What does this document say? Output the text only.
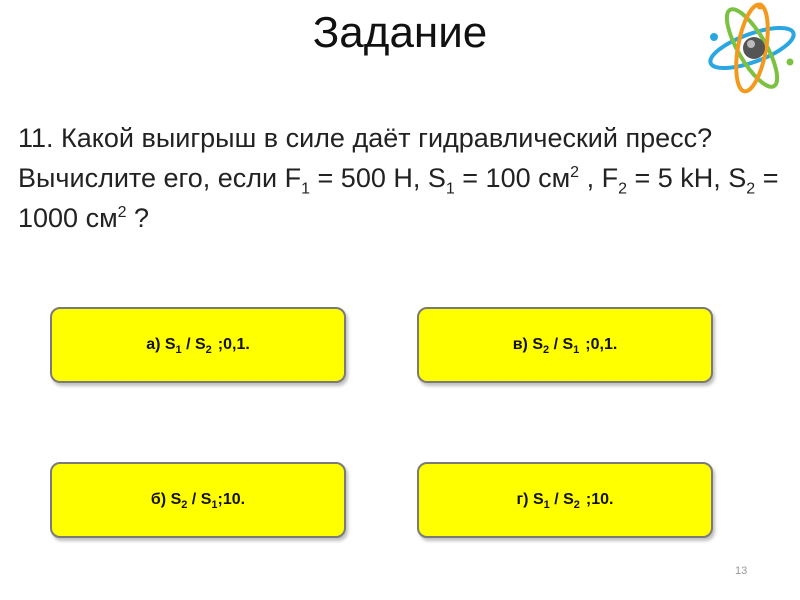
Задание
11. Какой выигрыш в силе даёт гидравлический пресс? Вычислите его, если $F_1 = 500$ Н, $S_1 = 100$ $см^2$ , $F_2 = 5$ kН, $S_2 = 1000$ $см^2$ ?
а) $S_1 / S_2$ ;0,1.	в) $S_2 / S_1$ ;0,1.
б) $S_2$ / $S_1;10$.	г) $S_1 / S_2$ ;10.
13
